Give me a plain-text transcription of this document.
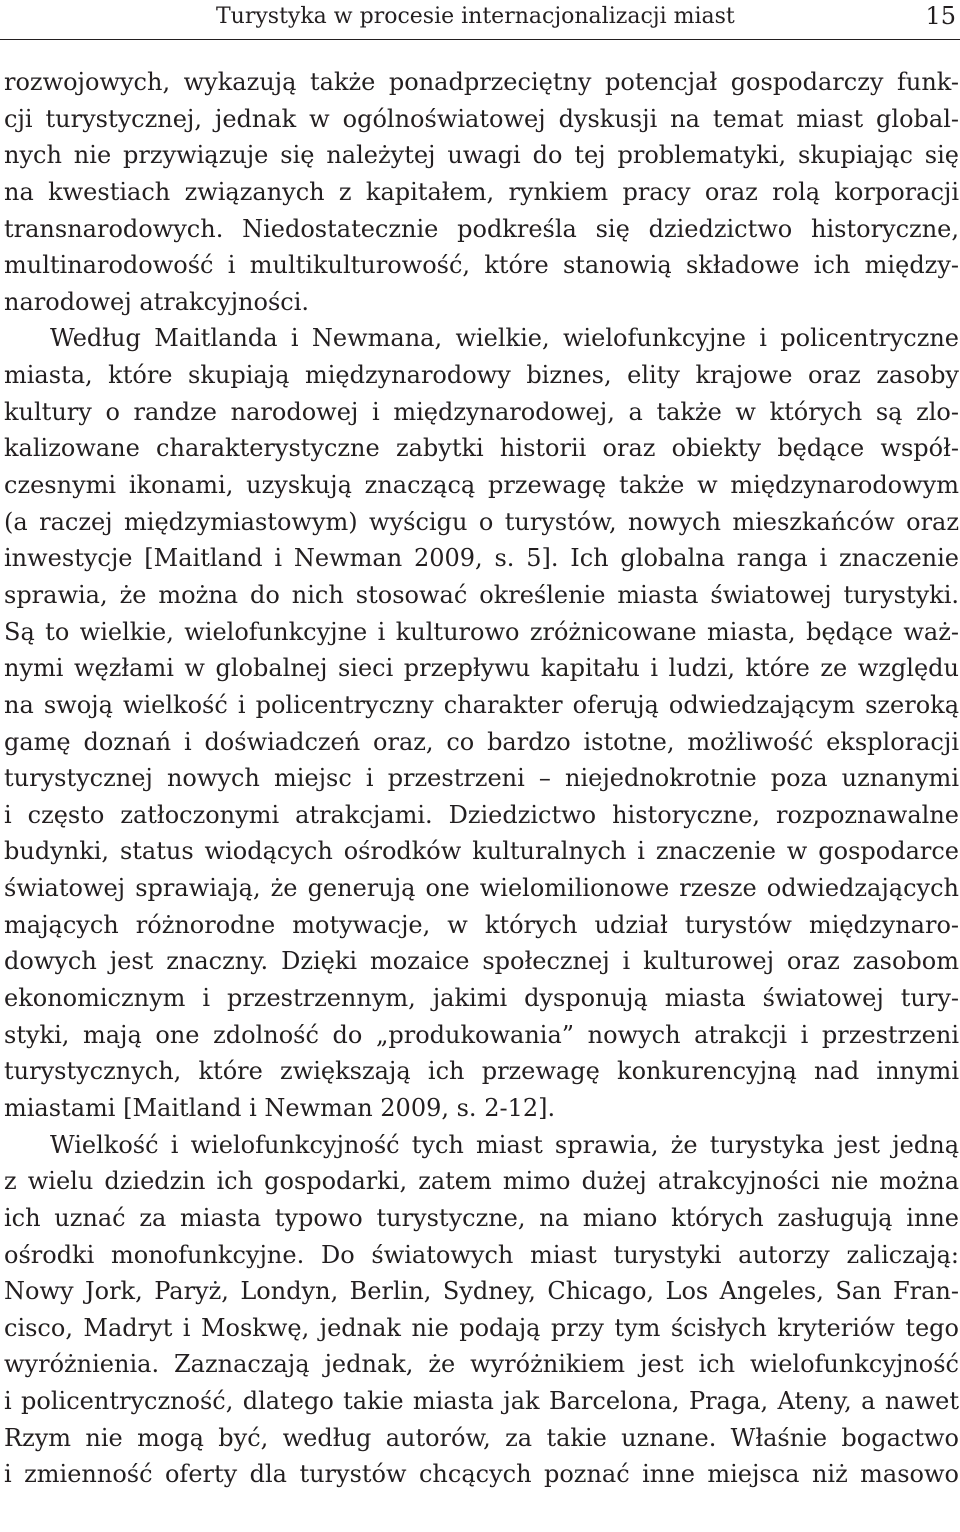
Turystyka w procesie internacjonalizacji miast	15
rozwojowych, wykazują także ponadprzeciętny potencjał gospodarczy funk-
cji turystycznej, jednak w ogólnoświatowej dyskusji na temat miast global-
nych nie przywiązuje się należytej uwagi do tej problematyki, skupiając się
na kwestiach związanych z kapitałem, rynkiem pracy oraz rolą korporacji
transnarodowych. Niedostatecznie podkreśla się dziedzictwo historyczne,
multinarodowość i multikulturowość, które stanowią składowe ich między-
narodowej atrakcyjności.
Według Maitlanda i Newmana, wielkie, wielofunkcyjne i policentryczne
miasta, które skupiają międzynarodowy biznes, elity krajowe oraz zasoby
kultury o randze narodowej i międzynarodowej, a także w których są zlo-
kalizowane charakterystyczne zabytki historii oraz obiekty będące współ-
czesnymi ikonami, uzyskują znaczącą przewagę także w międzynarodowym
(a raczej międzymiastowym) wyścigu o turystów, nowych mieszkańców oraz
inwestycje [Maitland i Newman 2009, s. 5]. Ich globalna ranga i znaczenie
sprawia, że można do nich stosować określenie miasta światowej turystyki.
Są to wielkie, wielofunkcyjne i kulturowo zróżnicowane miasta, będące waż-
nymi węzłami w globalnej sieci przepływu kapitału i ludzi, które ze względu
na swoją wielkość i policentryczny charakter oferują odwiedzającym szeroką
gamę doznań i doświadczeń oraz, co bardzo istotne, możliwość eksploracji
turystycznej nowych miejsc i przestrzeni – niejednokrotnie poza uznanymi
i często zatłoczonymi atrakcjami. Dziedzictwo historyczne, rozpoznawalne
budynki, status wiodących ośrodków kulturalnych i znaczenie w gospodarce
światowej sprawiają, że generują one wielomilionowe rzesze odwiedzających
mających różnorodne motywacje, w których udział turystów międzynaro-
dowych jest znaczny. Dzięki mozaice społecznej i kulturowej oraz zasobom
ekonomicznym i przestrzennym, jakimi dysponują miasta światowej tury-
styki, mają one zdolność do „produkowania” nowych atrakcji i przestrzeni
turystycznych, które zwiększają ich przewagę konkurencyjną nad innymi
miastami [Maitland i Newman 2009, s. 2-12].
Wielkość i wielofunkcyjność tych miast sprawia, że turystyka jest jedną
z wielu dziedzin ich gospodarki, zatem mimo dużej atrakcyjności nie można
ich uznać za miasta typowo turystyczne, na miano których zasługują inne
ośrodki monofunkcyjne. Do światowych miast turystyki autorzy zaliczają:
Nowy Jork, Paryż, Londyn, Berlin, Sydney, Chicago, Los Angeles, San Fran-
cisco, Madryt i Moskwę, jednak nie podają przy tym ścisłych kryteriów tego
wyróżnienia. Zaznaczają jednak, że wyróżnikiem jest ich wielofunkcyjność
i policentryczność, dlatego takie miasta jak Barcelona, Praga, Ateny, a nawet
Rzym nie mogą być, według autorów, za takie uznane. Właśnie bogactwo
i zmienność oferty dla turystów chcących poznać inne miejsca niż masowo
